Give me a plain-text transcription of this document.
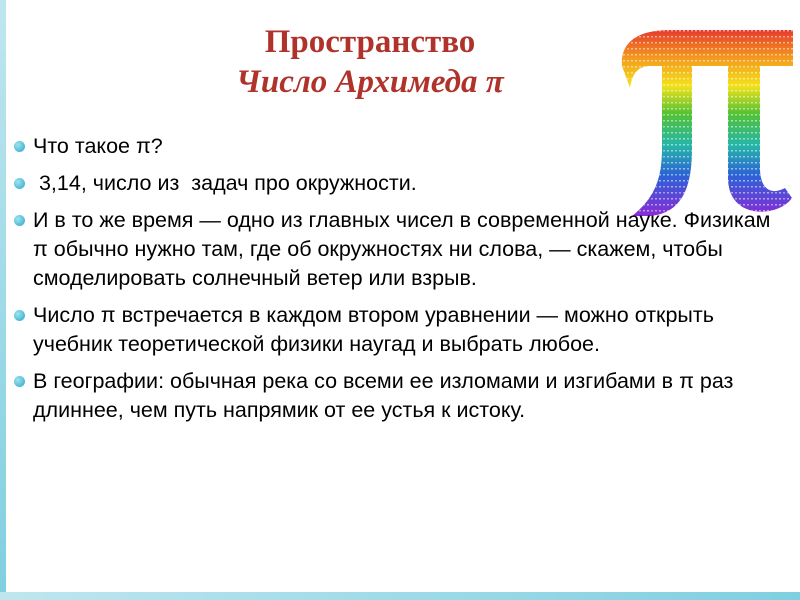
Пространство
Число Архимеда π
Что такое π?
3,14, число из  задач про окружности.
И в то же время — одно из главных чисел в современной науке. Физикам π обычно нужно там, где об окружностях ни слова, — скажем, чтобы смоделировать солнечный ветер или взрыв.
Число π встречается в каждом втором уравнении — можно открыть учебник теоретической физики наугад и выбрать любое.
В географии: обычная река со всеми ее изломами и изгибами в π раз длиннее, чем путь напрямик от ее устья к истоку.
